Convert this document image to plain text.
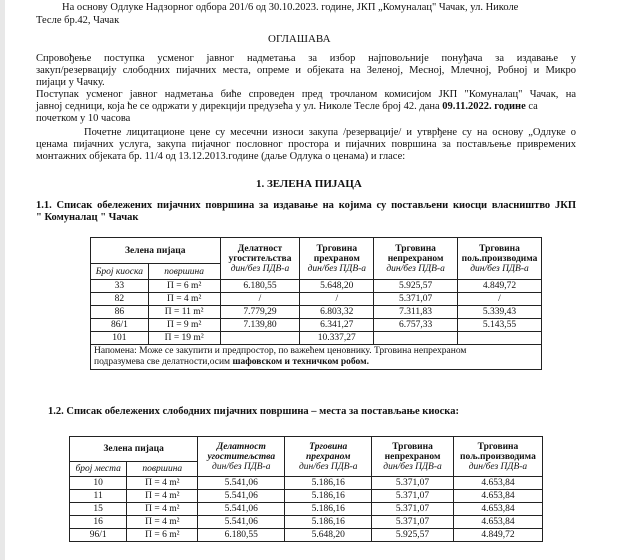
На основу Одлуке Надзорног одбора 201/6 од 30.10.2023. године, ЈКП „Комуналац" Чачак, ул. Николе
Тесле бр.42, Чачак
ОГЛАШАВА
Спровођење поступка усменог јавног надметања за избор најповољније понуђача за издавање у
закуп/резервацију слободних пијачних места, опреме и објеката на Зеленој, Месној, Млечној, Робној и Микро
пијаци у Чачку.
Поступак усменог јавног надметања биће спроведен пред трочланом комисијом ЈКП "Комуналац" Чачак, на
јавној седници, која ће се одржати у дирекцији предузећа у ул. Николе Тесле број 42. дана 09.11.2022. године са
почетком у 10 часова
Почетне лицитационе цене су месечни износи закупа /резервације/ и утврђене су на основу „Одлуке о
ценама пијачних услуга, закупа пијачног пословног простора и пијачних површина за постављење привремених
монтажних објеката бр. 11/4 од 13.12.2013.године (даље Одлука о ценама) и гласе:
1. ЗЕЛЕНА ПИЈАЦА
1.1. Списак обележених пијачних површина за издавање на којима су постављени киосци власништво ЈКП
" Комуналац " Чачак
Зелена пијаца		Делатност
угоститељства
дин/без ПДВ-а	Трговина
прехраном
дин/без ПДВ-а	Трговина
непрехраном
дин/без ПДВ-а	Трговина
пољ.производима
дин/без ПДВ-а

Број киоска	површина				
33	П = 6 m²	6.180,55	5.648,20	5.925,57	4.849,72
82	П = 4 m²	/	/	5.371,07	/
86	П = 11 m²	7.779,29	6.803,32	7.311,83	5.339,43
86/1	П = 9 m²	7.139,80	6.341,27	6.757,33	5.143,55
101	П = 19 m²		10.337,27		
Напомена: Може се закупити и предпростор, по важећем ценовнику. Трговина непрехраном
подразумева све делатности,осим шафовском и техничком робом.					
1.2. Списак обележених слободних пијачних површина – места за постављање киоска:
Зелена пијаца		Делатност
угоститељства
дин/без ПДВ-а	Трговина
прехраном
дин/без ПДВ-а	Трговина
непрехраном
дин/без ПДВ-а	Трговина
пољ.производима
дин/без ПДВ-а

број места	површина				
10	П = 4 m²	5.541,06	5.186,16	5.371,07	4.653,84
11	П = 4 m²	5.541,06	5.186,16	5.371,07	4.653,84
15	П = 4 m²	5.541,06	5.186,16	5.371,07	4.653,84
16	П = 4 m²	5.541,06	5.186,16	5.371,07	4.653,84
96/1	П = 6 m²	6.180,55	5.648,20	5.925,57	4.849,72
